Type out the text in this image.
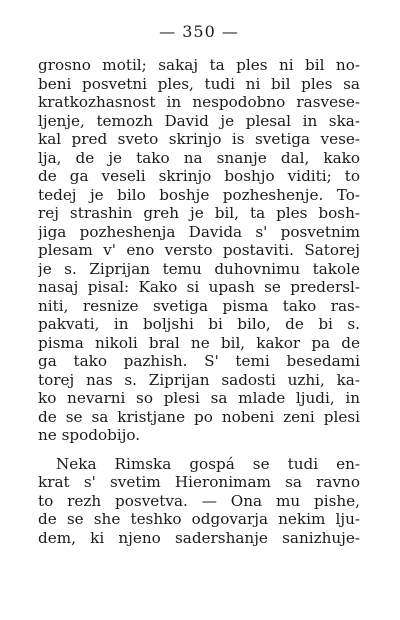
— 350 —
grosno motil; sakaj ta ples ni bil no-
beni posvetni ples, tudi ni bil ples sa
kratkozhasnost in nespodobno rasvese-
ljenje, temozh David je plesal in ska-
kal pred sveto skrinjo is svetiga vese-
lja, de je tako na snanje dal, kako
de ga veseli skrinjo boshjo viditi; to
tedej je bilo boshje pozheshenje. To-
rej strashin greh je bil, ta ples bosh-
jiga pozheshenja Davida s' posvetnim
plesam v' eno versto postaviti. Satorej
je s. Ziprijan temu duhovnimu takole
nasaj pisal: Kako si upash se predersl-
niti, resnize svetiga pisma tako ras-
pakvati, in boljshi bi bilo, de bi s.
pisma nikoli bral ne bil, kakor pa de
ga tako pazhish. S' temi besedami
torej nas s. Ziprijan sadosti uzhi, ka-
ko nevarni so plesi sa mlade ljudi, in
de se sa kristjane po nobeni zeni plesi
ne spodobijo.
Neka Rimska gospá se tudi en-
krat s' svetim Hieronimam sa ravno
to rezh posvetva. — Ona mu pishe,
de se she teshko odgovarja nekim lju-
dem, ki njeno sadershanje sanizhuje-
